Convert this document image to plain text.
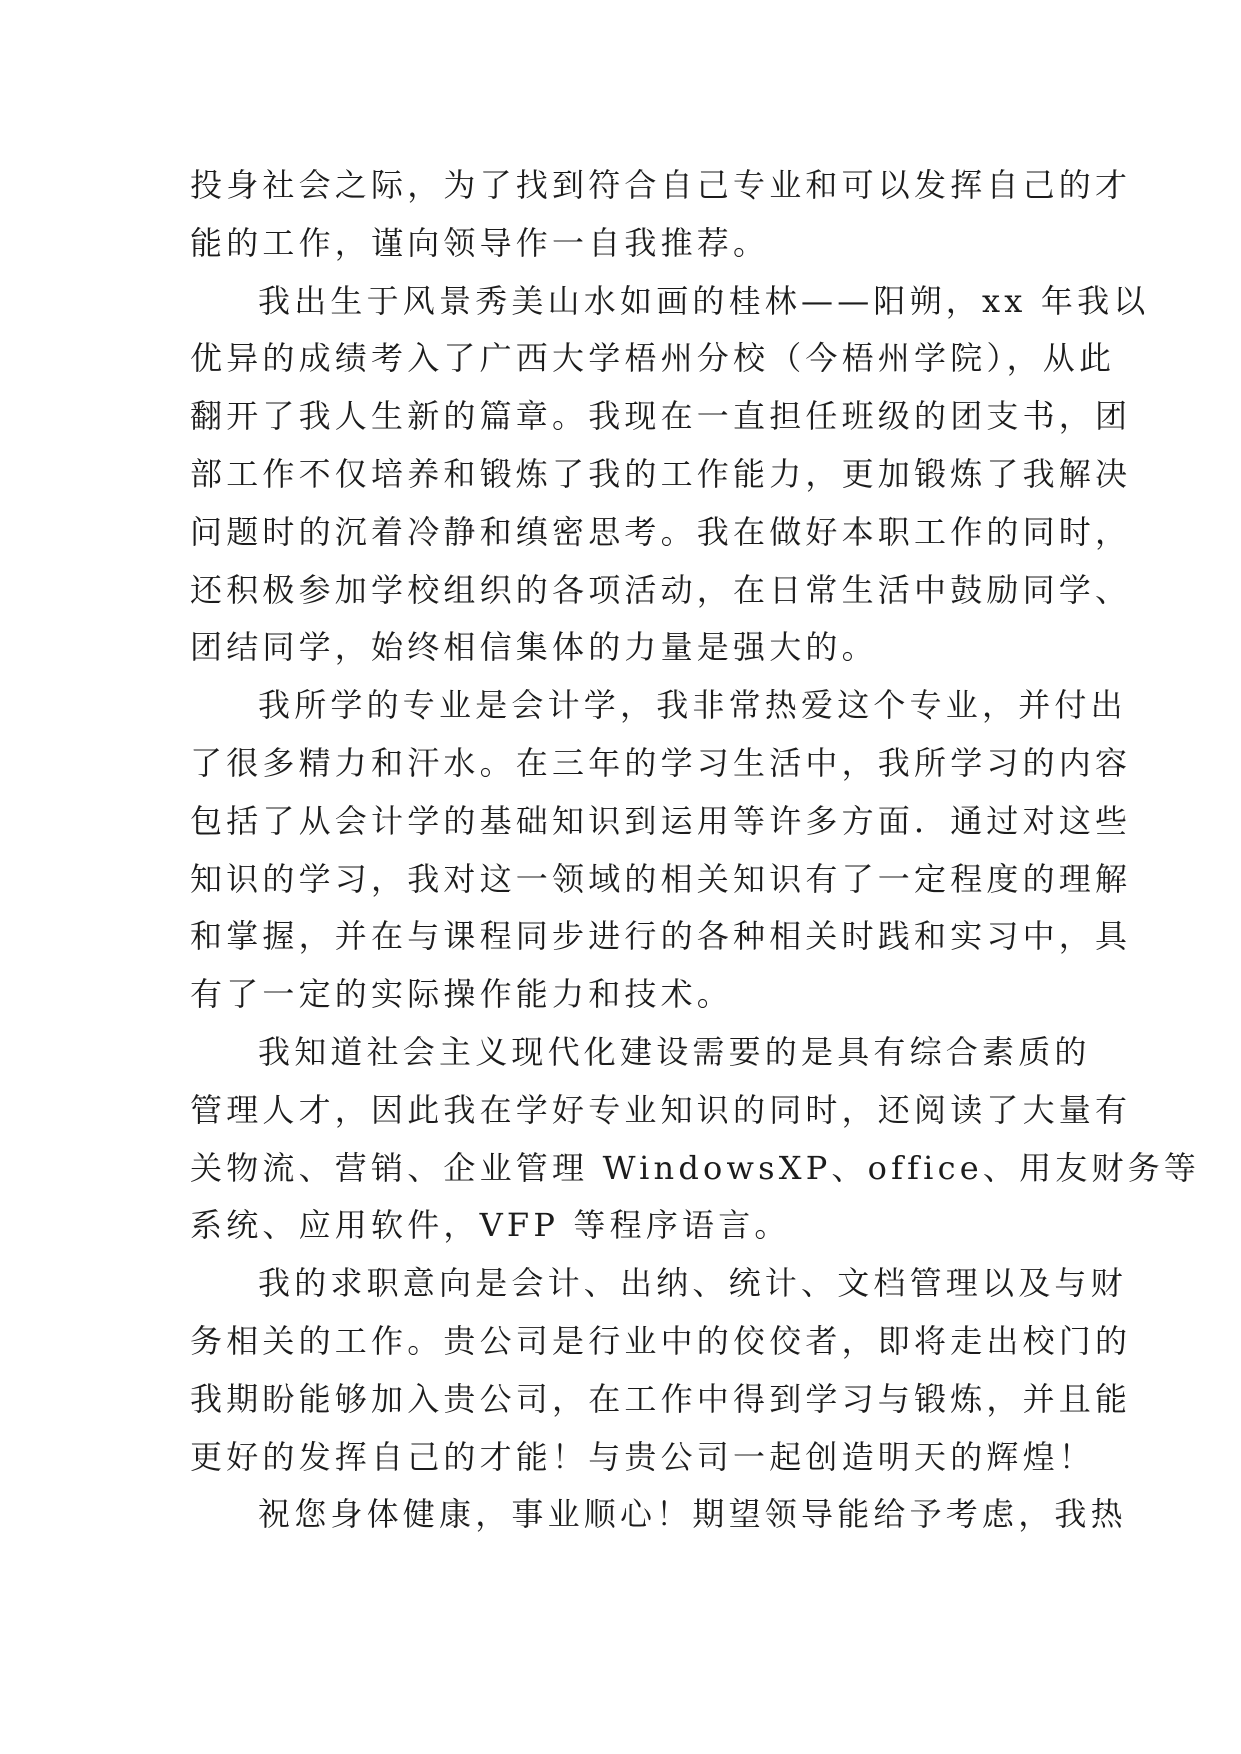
投身社会之际，为了找到符合自己专业和可以发挥自己的才
能的工作，谨向领导作一自我推荐。
我出生于风景秀美山水如画的桂林——阳朔，xx 年我以
优异的成绩考入了广西大学梧州分校（今梧州学院），从此
翻开了我人生新的篇章。我现在一直担任班级的团支书，团
部工作不仅培养和锻炼了我的工作能力，更加锻炼了我解决
问题时的沉着冷静和缜密思考。我在做好本职工作的同时，
还积极参加学校组织的各项活动，在日常生活中鼓励同学、
团结同学，始终相信集体的力量是强大的。
我所学的专业是会计学，我非常热爱这个专业，并付出
了很多精力和汗水。在三年的学习生活中，我所学习的内容
包括了从会计学的基础知识到运用等许多方面．通过对这些
知识的学习，我对这一领域的相关知识有了一定程度的理解
和掌握，并在与课程同步进行的各种相关时践和实习中，具
有了一定的实际操作能力和技术。
我知道社会主义现代化建设需要的是具有综合素质的
管理人才，因此我在学好专业知识的同时，还阅读了大量有
关物流、营销、企业管理 WindowsXP、office、用友财务等
系统、应用软件，VFP 等程序语言。
我的求职意向是会计、出纳、统计、文档管理以及与财
务相关的工作。贵公司是行业中的佼佼者，即将走出校门的
我期盼能够加入贵公司，在工作中得到学习与锻炼，并且能
更好的发挥自己的才能！与贵公司一起创造明天的辉煌！
祝您身体健康，事业顺心！期望领导能给予考虑，我热
